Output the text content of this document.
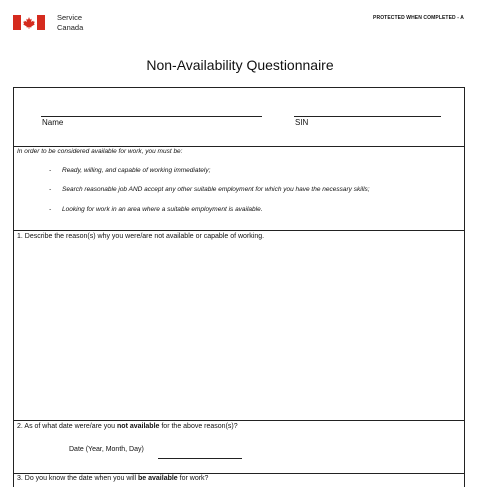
Service
Canada
PROTECTED WHEN COMPLETED - A
Non-Availability Questionnaire
Name	SIN
In order to be considered available for work, you must be:
- Ready, willing, and capable of working immediately;
- Search reasonable job AND accept any other suitable employment for which you have the necessary skills;
- Looking for work in an area where a suitable employment is available.
1. Describe the reason(s) why you were/are not available or capable of working.
2. As of what date were/are you not available for the above reason(s)?
Date (Year, Month, Day)
3. Do you know the date when you will be available for work?
